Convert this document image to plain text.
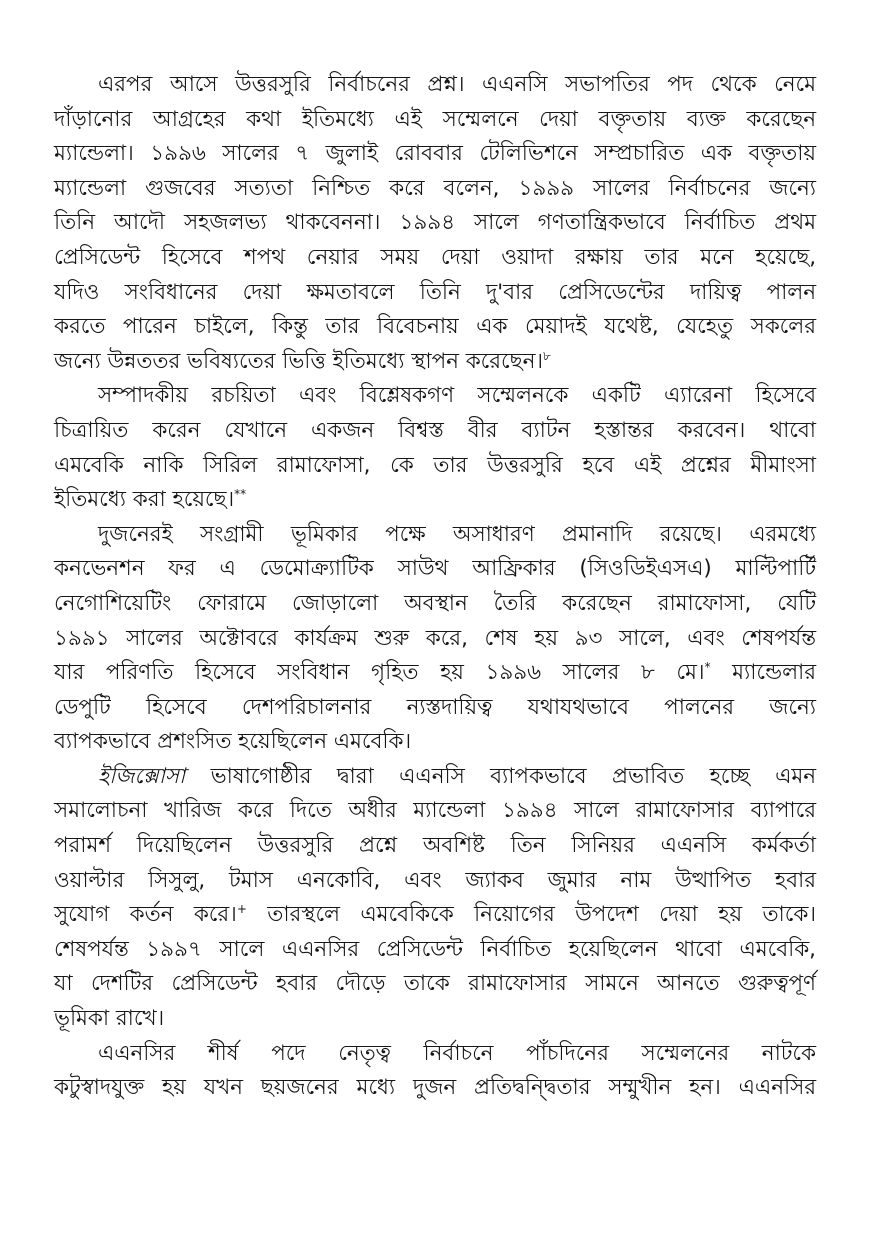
এরপর আসে উত্তরসুরি নির্বাচনের প্রশ্ন। এএনসি সভাপতির পদ থেকে নেমে
দাঁড়ানোর আগ্রহের কথা ইতিমধ্যে এই সম্মেলনে দেয়া বক্তৃতায় ব্যক্ত করেছেন
ম্যান্ডেলা। ১৯৯৬ সালের ৭ জুলাই রোববার টেলিভিশনে সম্প্রচারিত এক বক্তৃতায়
ম্যান্ডেলা গুজবের সত্যতা নিশ্চিত করে বলেন, ১৯৯৯ সালের নির্বাচনের জন্যে
তিনি আদৌ সহজলভ্য থাকবেননা। ১৯৯৪ সালে গণতান্ত্রিকভাবে নির্বাচিত প্রথম
প্রেসিডেন্ট হিসেবে শপথ নেয়ার সময় দেয়া ওয়াদা রক্ষায় তার মনে হয়েছে,
যদিও সংবিধানের দেয়া ক্ষমতাবলে তিনি দু'বার প্রেসিডেন্টের দায়িত্ব পালন
করতে পারেন চাইলে, কিন্তু তার বিবেচনায় এক মেয়াদই যথেষ্ট, যেহেতু সকলের
জন্যে উন্নততর ভবিষ্যতের ভিত্তি ইতিমধ্যে স্থাপন করেছেন।$^৮$

সম্পাদকীয় রচয়িতা এবং বিশ্লেষকগণ সম্মেলনকে একটি এ্যারেনা হিসেবে
চিত্রায়িত করেন যেখানে একজন বিশ্বস্ত বীর ব্যাটন হস্তান্তর করবেন। থাবো
এমবেকি নাকি সিরিল রামাফোসা, কে তার উত্তরসুরি হবে এই প্রশ্নের মীমাংসা
ইতিমধ্যে করা হয়েছে।**

দুজনেরই সংগ্রামী ভূমিকার পক্ষে অসাধারণ প্রমানাদি রয়েছে। এরমধ্যে
কনভেনশন ফর এ ডেমোক্র্যাটিক সাউথ আফ্রিকার (সিওডিইএসএ) মাল্টিপার্টি
নেগোশিয়েটিং ফোরামে জোড়ালো অবস্থান তৈরি করেছেন রামাফোসা, যেটি
১৯৯১ সালের অক্টোবরে কার্যক্রম শুরু করে, শেষ হয় ৯৩ সালে, এবং শেষপর্যন্ত
যার পরিণতি হিসেবে সংবিধান গৃহিত হয় ১৯৯৬ সালের ৮ মে।* ম্যান্ডেলার
ডেপুটি হিসেবে দেশপরিচালনার ন্যস্তদায়িত্ব যথাযথভাবে পালনের জন্যে
ব্যাপকভাবে প্রশংসিত হয়েছিলেন এমবেকি।

ইজিক্সোসা ভাষাগোষ্ঠীর দ্বারা এএনসি ব্যাপকভাবে প্রভাবিত হচ্ছে এমন
সমালোচনা খারিজ করে দিতে অধীর ম্যান্ডেলা ১৯৯৪ সালে রামাফোসার ব্যাপারে
পরামর্শ দিয়েছিলেন উত্তরসুরি প্রশ্নে অবশিষ্ট তিন সিনিয়র এএনসি কর্মকর্তা
ওয়াল্টার সিসুলু, টমাস এনকোবি, এবং জ্যাকব জুমার নাম উত্থাপিত হবার
সুযোগ কর্তন করে।+ তারস্থলে এমবেকিকে নিয়োগের উপদেশ দেয়া হয় তাকে।
শেষপর্যন্ত ১৯৯৭ সালে এএনসির প্রেসিডেন্ট নির্বাচিত হয়েছিলেন থাবো এমবেকি,
যা দেশটির প্রেসিডেন্ট হবার দৌড়ে তাকে রামাফোসার সামনে আনতে গুরুত্বপূর্ণ
ভূমিকা রাখে।

এএনসির শীর্ষ পদে নেতৃত্ব নির্বাচনে পাঁচদিনের সম্মেলনের নাটকে
কটুস্বাদযুক্ত হয় যখন ছয়জনের মধ্যে দুজন প্রতিদ্বন্দ্বিতার সম্মুখীন হন। এএনসির
